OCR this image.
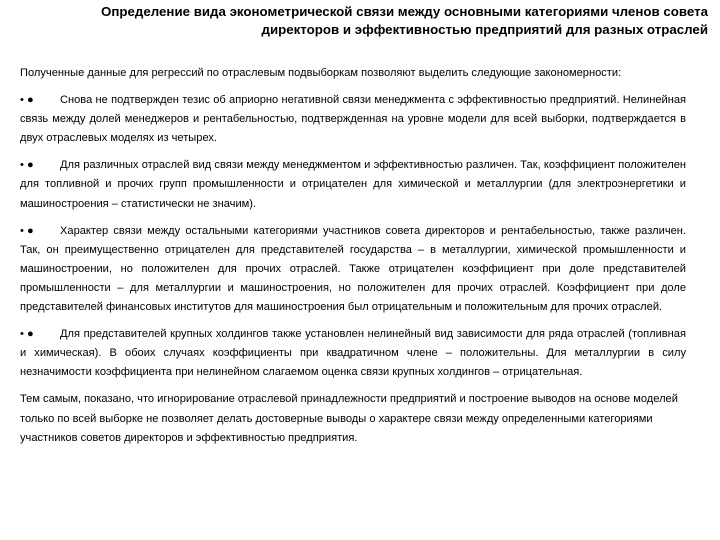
Определение вида эконометрической связи между основными категориями членов совета
директоров и эффективностью предприятий для разных отраслей

Полученные данные для регрессий по отраслевым подвыборкам позволяют выделить следующие закономерности:

• ● Снова не подтвержден тезис об априорно негативной связи менеджмента с эффективностью предприятий. Нелинейная связь между долей менеджеров и рентабельностью, подтвержденная на уровне модели для всей выборки, подтверждается в двух отраслевых моделях из четырех.

• ● Для различных отраслей вид связи между менеджментом и эффективностью различен. Так, коэффициент положителен для топливной и прочих групп промышленности и отрицателен для химической и металлургии (для электроэнергетики и машиностроения – статистически не значим).

• ● Характер связи между остальными категориями участников совета директоров и рентабельностью, также различен. Так, он преимущественно отрицателен для представителей государства – в металлургии, химической промышленности и машиностроении, но положителен для прочих отраслей. Также отрицателен коэффициент при доле представителей промышленности – для металлургии и машиностроения, но положителен для прочих отраслей. Коэффициент при доле представителей финансовых институтов для машиностроения был отрицательным и положительным для прочих отраслей.

• ● Для представителей крупных холдингов также установлен нелинейный вид зависимости для ряда отраслей (топливная и химическая). В обоих случаях коэффициенты при квадратичном члене – положительны. Для металлургии в силу незначимости коэффициента при нелинейном слагаемом оценка связи крупных холдингов – отрицательная.

Тем самым, показано, что игнорирование отраслевой принадлежности предприятий и построение выводов на основе моделей только по всей выборке не позволяет делать достоверные выводы о характере связи между определенными категориями участников советов директоров и эффективностью предприятия.
